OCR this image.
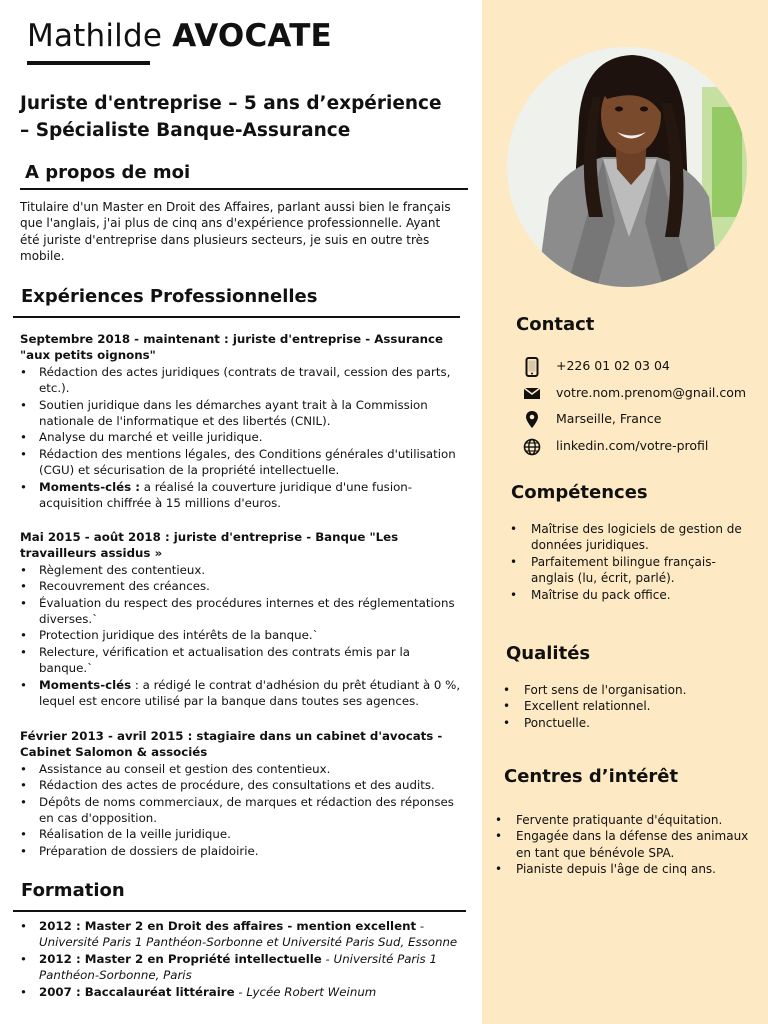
Mathilde AVOCATE
Juriste d'entreprise – 5 ans d’expérience
– Spécialiste Banque-Assurance
A propos de moi
Titulaire d'un Master en Droit des Affaires, parlant aussi bien le français que l'anglais, j'ai plus de cinq ans d'expérience professionnelle. Ayant été juriste d'entreprise dans plusieurs secteurs, je suis en outre très mobile.
Expériences Professionnelles
Septembre 2018 - maintenant : juriste d'entreprise - Assurance "aux petits oignons"
• Rédaction des actes juridiques (contrats de travail, cession des parts, etc.).
• Soutien juridique dans les démarches ayant trait à la Commission nationale de l'informatique et des libertés (CNIL).
• Analyse du marché et veille juridique.
• Rédaction des mentions légales, des Conditions générales d'utilisation (CGU) et sécurisation de la propriété intellectuelle.
• Moments-clés : a réalisé la couverture juridique d'une fusion-acquisition chiffrée à 15 millions d'euros.
Mai 2015 - août 2018 : juriste d'entreprise - Banque "Les travailleurs assidus »
• Règlement des contentieux.
• Recouvrement des créances.
• Évaluation du respect des procédures internes et des réglementations diverses.`
• Protection juridique des intérêts de la banque.`
• Relecture, vérification et actualisation des contrats émis par la banque.`
• Moments-clés : a rédigé le contrat d'adhésion du prêt étudiant à 0 %, lequel est encore utilisé par la banque dans toutes ses agences.
Février 2013 - avril 2015 : stagiaire dans un cabinet d'avocats - Cabinet Salomon & associés
• Assistance au conseil et gestion des contentieux.
• Rédaction des actes de procédure, des consultations et des audits.
• Dépôts de noms commerciaux, de marques et rédaction des réponses en cas d'opposition.
• Réalisation de la veille juridique.
• Préparation de dossiers de plaidoirie.
Formation
• 2012 : Master 2 en Droit des affaires - mention excellent - Université Paris 1 Panthéon-Sorbonne et Université Paris Sud, Essonne
• 2012 : Master 2 en Propriété intellectuelle - Université Paris 1 Panthéon-Sorbonne, Paris
• 2007 : Baccalauréat littéraire - Lycée Robert Weinum
Contact
+226 01 02 03 04
votre.nom.prenom@gnail.com
Marseille, France
linkedin.com/votre-profil
Compétences
• Maîtrise des logiciels de gestion de données juridiques.
• Parfaitement bilingue français-anglais (lu, écrit, parlé).
• Maîtrise du pack office.
Qualités
• Fort sens de l'organisation.
• Excellent relationnel.
• Ponctuelle.
Centres d’intérêt
• Fervente pratiquante d'équitation.
• Engagée dans la défense des animaux en tant que bénévole SPA.
• Pianiste depuis l'âge de cinq ans.
